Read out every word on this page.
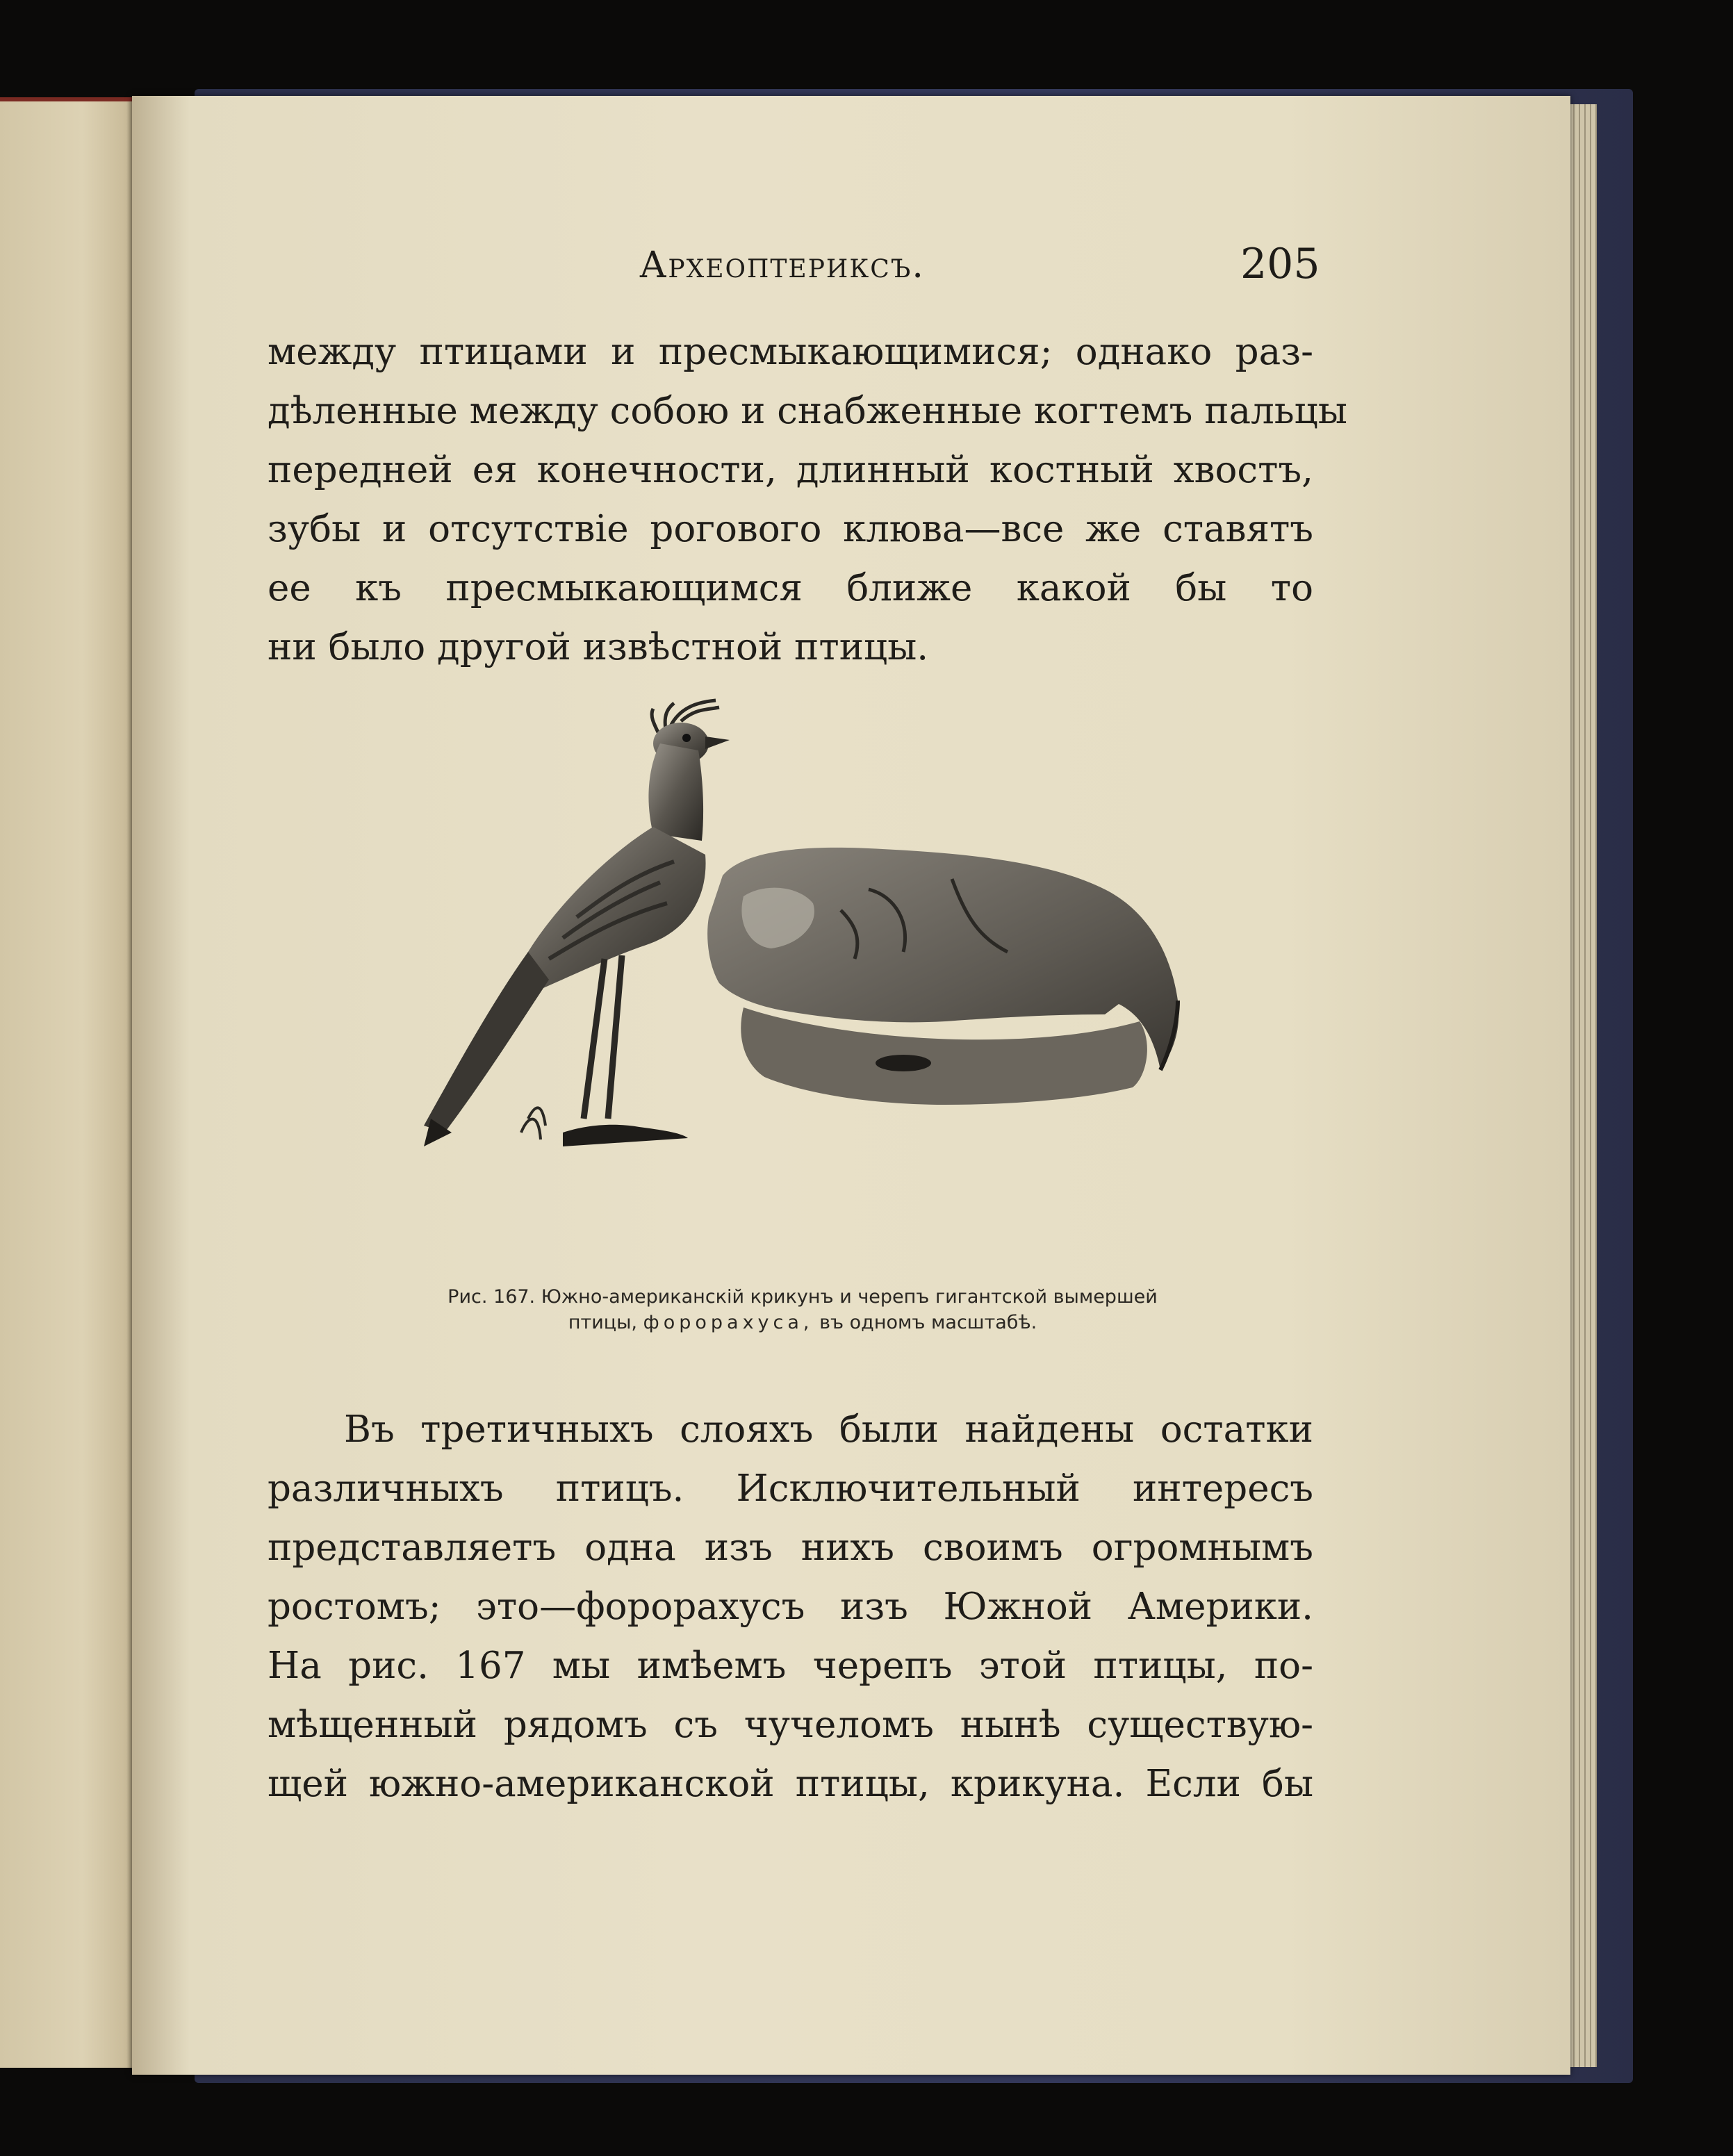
Археоптериксъ.	205
между птицами и пресмыкающимися; однако раз-
дѣленные между собою и снабженные когтемъ пальцы
передней ея конечности, длинный костный хвостъ,
зубы и отсутствіе рогового клюва—все же ставятъ
ее къ пресмыкающимся ближе какой бы то
ни было другой извѣстной птицы.
Рис. 167. Южно-американскій крикунъ и черепъ гигантской вымершей
птицы, форорахуса, въ одномъ масштабѣ.
Въ третичныхъ слояхъ были найдены остатки
различныхъ птицъ. Исключительный интересъ
представляетъ одна изъ нихъ своимъ огромнымъ
ростомъ; это—форорахусъ изъ Южной Америки.
На рис. 167 мы имѣемъ черепъ этой птицы, по-
мѣщенный рядомъ съ чучеломъ нынѣ существую-
щей южно-американской птицы, крикуна. Если бы
